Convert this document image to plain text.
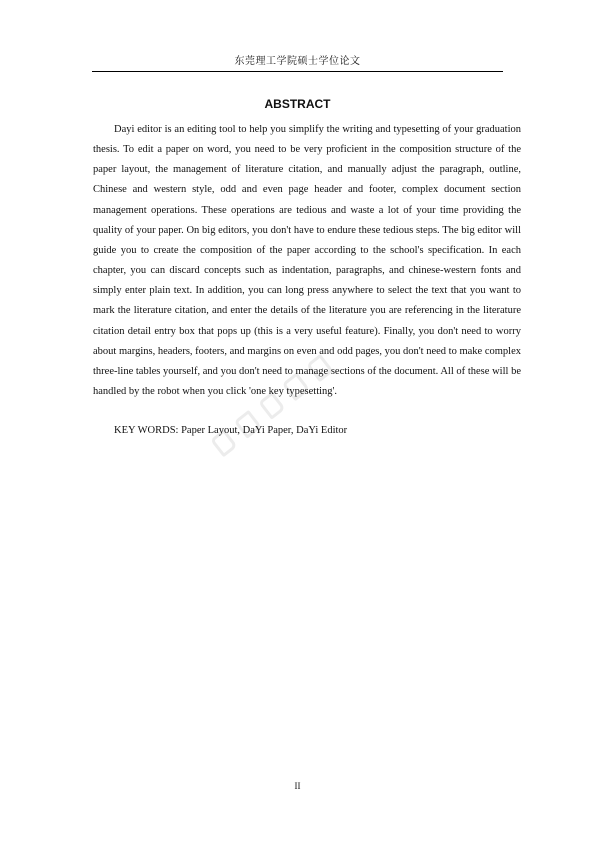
东莞理工学院硕士学位论文
ABSTRACT

Dayi editor is an editing tool to help you simplify the writing and typesetting of your graduation thesis. To edit a paper on word, you need to be very proficient in the composition structure of the paper layout, the management of literature citation, and manually adjust the paragraph, outline, Chinese and western style, odd and even page header and footer, complex document section management operations. These operations are tedious and waste a lot of your time providing the quality of your paper. On big editors, you don't have to endure these tedious steps. The big editor will guide you to create the composition of the paper according to the school's specification. In each chapter, you can discard concepts such as indentation, paragraphs, and chinese-western fonts and simply enter plain text. In addition, you can long press anywhere to select the text that you want to mark the literature citation, and enter the details of the literature you are referencing in the literature citation detail entry box that pops up (this is a very useful feature). Finally, you don't need to worry about margins, headers, footers, and margins on even and odd pages, you don't need to make complex three-line tables yourself, and you don't need to manage sections of the document. All of these will be handled by the robot when you click 'one key typesetting'.

KEY WORDS: Paper Layout, DaYi Paper, DaYi Editor

II
